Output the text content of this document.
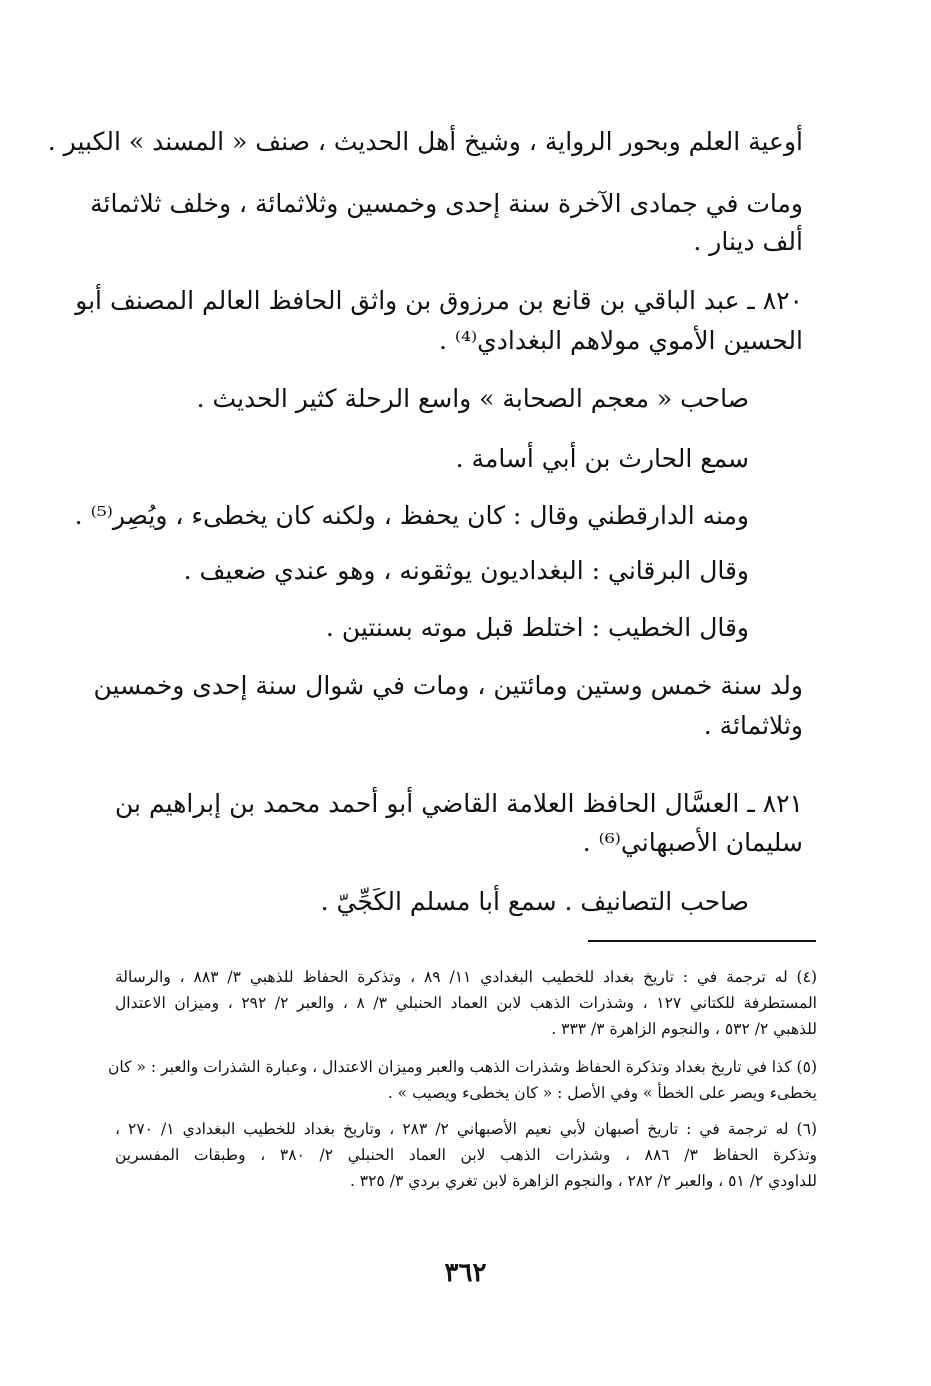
أوعية العلم وبحور الرواية ، وشيخ أهل الحديث ، صنف « المسند » الكبير .
ومات في جمادى الآخرة سنة إحدى وخمسين وثلاثمائة ، وخلف ثلاثمائة
ألف دينار .
٨٢٠ ـ عبد الباقي بن قانع بن مرزوق بن واثق الحافظ العالم المصنف أبو
الحسين الأموي مولاهم البغدادي⁽⁴⁾ .
صاحب « معجم الصحابة » واسع الرحلة كثير الحديث .
سمع الحارث بن أبي أسامة .
ومنه الدارقطني وقال : كان يحفظ ، ولكنه كان يخطىء ، ويُصِر⁽⁵⁾ .
وقال البرقاني : البغداديون يوثقونه ، وهو عندي ضعيف .
وقال الخطيب : اختلط قبل موته بسنتين .
ولد سنة خمس وستين ومائتين ، ومات في شوال سنة إحدى وخمسين
وثلاثمائة .
٨٢١ ـ العسَّال الحافظ العلامة القاضي أبو أحمد محمد بن إبراهيم بن
سليمان الأصبهاني⁽⁶⁾ .
صاحب التصانيف . سمع أبا مسلم الكَجِّيّ .
(٤) له ترجمة في : تاريخ بغداد للخطيب البغدادي ١١/ ٨٩ ، وتذكرة الحفاظ للذهبي ٣/ ٨٨٣ ، والرسالة
المستطرفة للكتاني ١٢٧ ، وشذرات الذهب لابن العماد الحنبلي ٣/ ٨ ، والعبر ٢/ ٢٩٢ ، وميزان الاعتدال
للذهبي ٢/ ٥٣٢ ، والنجوم الزاهرة ٣/ ٣٣٣ .
(٥) كذا في تاريخ بغداد وتذكرة الحفاظ وشذرات الذهب والعبر وميزان الاعتدال ، وعبارة الشذرات والعبر : « كان
يخطىء ويصر على الخطأ » وفي الأصل : « كان يخطىء ويصيب » .
(٦) له ترجمة في : تاريخ أصبهان لأبي نعيم الأصبهاني ٢/ ٢٨٣ ، وتاريخ بغداد للخطيب البغدادي ١/ ٢٧٠ ،
وتذكرة الحفاظ ٣/ ٨٨٦ ، وشذرات الذهب لابن العماد الحنبلي ٢/ ٣٨٠ ، وطبقات المفسرين
للداودي ٢/ ٥١ ، والعبر ٢/ ٢٨٢ ، والنجوم الزاهرة لابن تغري بردي ٣/ ٣٢٥ .
٣٦٢
